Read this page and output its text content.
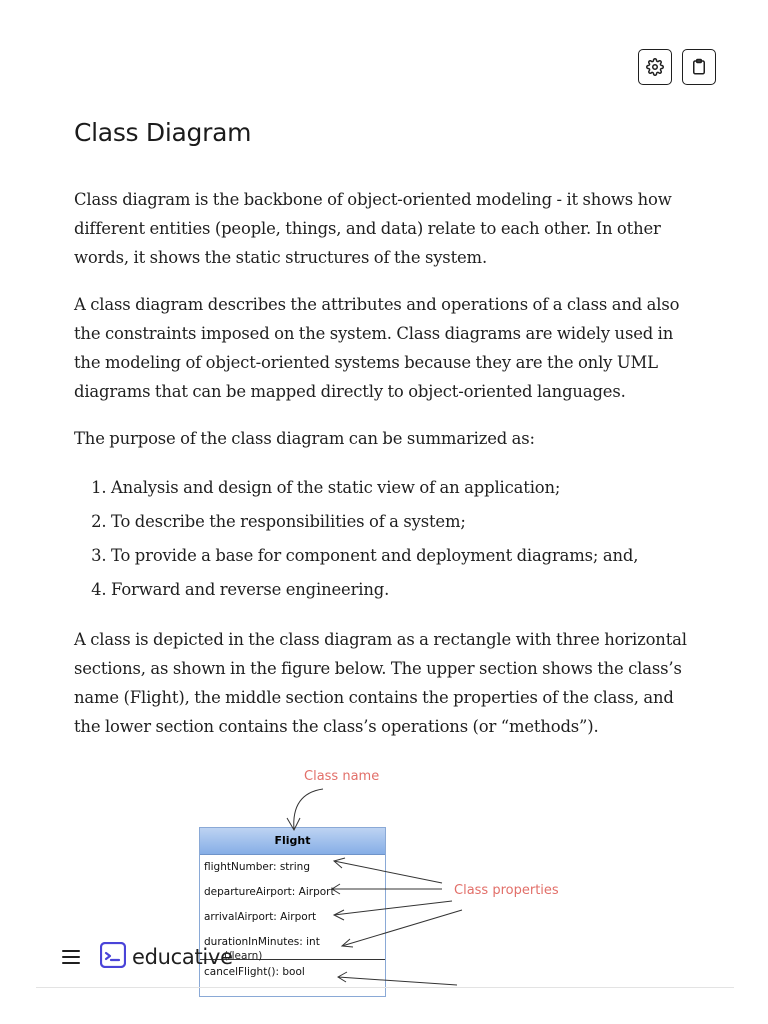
Class Diagram

Class diagram is the backbone of object-oriented modeling - it shows how different entities (people, things, and data) relate to each other. In other words, it shows the static structures of the system.

A class diagram describes the attributes and operations of a class and also the constraints imposed on the system. Class diagrams are widely used in the modeling of object-oriented systems because they are the only UML diagrams that can be mapped directly to object-oriented languages.

The purpose of the class diagram can be summarized as:

1. Analysis and design of the static view of an application;
2. To describe the responsibilities of a system;
3. To provide a base for component and deployment diagrams; and,
4. Forward and reverse engineering.

A class is depicted in the class diagram as a rectangle with three horizontal sections, as shown in the figure below. The upper section shows the class’s name (Flight), the middle section contains the properties of the class, and the lower section contains the class’s operations (or “methods”).

Class name
Class properties
Flight
flightNumber: string
departureAirport: Airport
arrivalAirport: Airport
durationInMinutes: int
cancelFlight(): bool
educative
(/learn)
